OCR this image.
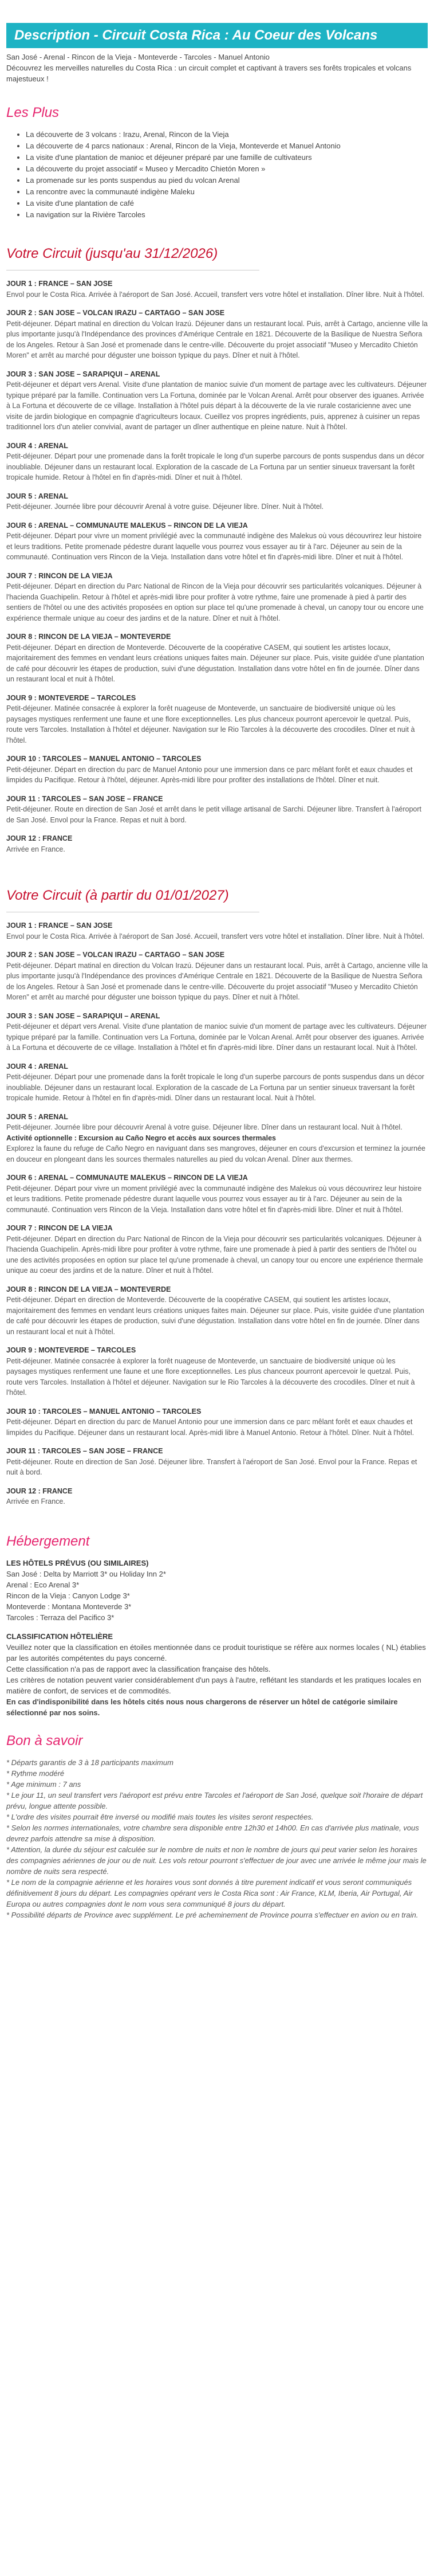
Description - Circuit Costa Rica : Au Coeur des Volcans
San José - Arenal - Rincon de la Vieja - Monteverde - Tarcoles - Manuel Antonio
Découvrez les merveilles naturelles du Costa Rica : un circuit complet et captivant à travers ses forêts tropicales et volcans majestueux !
Les Plus
• La découverte de 3 volcans : Irazu, Arenal, Rincon de la Vieja
• La découverte de 4 parcs nationaux : Arenal, Rincon de la Vieja, Monteverde et Manuel Antonio
• La visite d'une plantation de manioc et déjeuner préparé par une famille de cultivateurs
• La découverte du projet associatif « Museo y Mercadito Chietón Moren »
• La promenade sur les ponts suspendus au pied du volcan Arenal
• La rencontre avec la communauté indigène Maleku
• La visite d'une plantation de café
• La navigation sur la Rivière Tarcoles
Votre Circuit (jusqu'au 31/12/2026)
JOUR 1 : FRANCE – SAN JOSE
Envol pour le Costa Rica. Arrivée à l'aéroport de San José. Accueil, transfert vers votre hôtel et installation. Dîner libre. Nuit à l'hôtel.
JOUR 2 : SAN JOSE – VOLCAN IRAZU – CARTAGO – SAN JOSE
Petit-déjeuner. Départ matinal en direction du Volcan Irazú. Déjeuner dans un restaurant local. Puis, arrêt à Cartago, ancienne ville la plus importante jusqu'à l'Indépendance des provinces d'Amérique Centrale en 1821. Découverte de la Basilique de Nuestra Señora de los Angeles. Retour à San José et promenade dans le centre-ville. Découverte du projet associatif "Museo y Mercadito Chietón Moren" et arrêt au marché pour déguster une boisson typique du pays. Dîner et nuit à l'hôtel.
JOUR 3 : SAN JOSE – SARAPIQUI – ARENAL
Petit-déjeuner et départ vers Arenal. Visite d'une plantation de manioc suivie d'un moment de partage avec les cultivateurs. Déjeuner typique préparé par la famille. Continuation vers La Fortuna, dominée par le Volcan Arenal. Arrêt pour observer des iguanes. Arrivée à La Fortuna et découverte de ce village. Installation à l'hôtel puis départ à la découverte de la vie rurale costaricienne avec une visite de jardin biologique en compagnie d'agriculteurs locaux. Cueillez vos propres ingrédients, puis, apprenez à cuisiner un repas traditionnel lors d'un atelier convivial, avant de partager un dîner authentique en pleine nature. Nuit à l'hôtel.
JOUR 4 : ARENAL
Petit-déjeuner. Départ pour une promenade dans la forêt tropicale le long d'un superbe parcours de ponts suspendus dans un décor inoubliable. Déjeuner dans un restaurant local. Exploration de la cascade de La Fortuna par un sentier sinueux traversant la forêt tropicale humide. Retour à l'hôtel en fin d'après-midi. Dîner et nuit à l'hôtel.
JOUR 5 : ARENAL
Petit-déjeuner. Journée libre pour découvrir Arenal à votre guise. Déjeuner libre. Dîner. Nuit à l'hôtel.
JOUR 6 : ARENAL – COMMUNAUTE MALEKUS – RINCON DE LA VIEJA
Petit-déjeuner. Départ pour vivre un moment privilégié avec la communauté indigène des Malekus où vous découvrirez leur histoire et leurs traditions. Petite promenade pédestre durant laquelle vous pourrez vous essayer au tir à l'arc. Déjeuner au sein de la communauté. Continuation vers Rincon de la Vieja. Installation dans votre hôtel et fin d'après-midi libre. Dîner et nuit à l'hôtel.
JOUR 7 : RINCON DE LA VIEJA
Petit-déjeuner. Départ en direction du Parc National de Rincon de la Vieja pour découvrir ses particularités volcaniques. Déjeuner à l'hacienda Guachipelin. Retour à l'hôtel et après-midi libre pour profiter à votre rythme, faire une promenade à pied à partir des sentiers de l'hôtel ou une des activités proposées en option sur place tel qu'une promenade à cheval, un canopy tour ou encore une expérience thermale unique au coeur des jardins et de la nature. Dîner et nuit à l'hôtel.
JOUR 8 : RINCON DE LA VIEJA – MONTEVERDE
Petit-déjeuner. Départ en direction de Monteverde. Découverte de la coopérative CASEM, qui soutient les artistes locaux, majoritairement des femmes en vendant leurs créations uniques faites main. Déjeuner sur place. Puis, visite guidée d'une plantation de café pour découvrir les étapes de production, suivi d'une dégustation. Installation dans votre hôtel en fin de journée. Dîner dans un restaurant local et nuit à l'hôtel.
JOUR 9 : MONTEVERDE – TARCOLES
Petit-déjeuner. Matinée consacrée à explorer la forêt nuageuse de Monteverde, un sanctuaire de biodiversité unique où les paysages mystiques renferment une faune et une flore exceptionnelles. Les plus chanceux pourront apercevoir le quetzal. Puis, route vers Tarcoles. Installation à l'hôtel et déjeuner. Navigation sur le Rio Tarcoles à la découverte des crocodiles. Dîner et nuit à l'hôtel.
JOUR 10 : TARCOLES – MANUEL ANTONIO – TARCOLES
Petit-déjeuner. Départ en direction du parc de Manuel Antonio pour une immersion dans ce parc mêlant forêt et eaux chaudes et limpides du Pacifique. Retour à l'hôtel, déjeuner. Après-midi libre pour profiter des installations de l'hôtel. Dîner et nuit.
JOUR 11 : TARCOLES – SAN JOSE – FRANCE
Petit-déjeuner. Route en direction de San José et arrêt dans le petit village artisanal de Sarchi. Déjeuner libre. Transfert à l'aéroport de San José. Envol pour la France. Repas et nuit à bord.
JOUR 12 : FRANCE
Arrivée en France.
Votre Circuit (à partir du 01/01/2027)
JOUR 1 : FRANCE – SAN JOSE
Envol pour le Costa Rica. Arrivée à l'aéroport de San José. Accueil, transfert vers votre hôtel et installation. Dîner libre. Nuit à l'hôtel.
JOUR 2 : SAN JOSE – VOLCAN IRAZU – CARTAGO – SAN JOSE
Petit-déjeuner. Départ matinal en direction du Volcan Irazú. Déjeuner dans un restaurant local. Puis, arrêt à Cartago, ancienne ville la plus importante jusqu'à l'Indépendance des provinces d'Amérique Centrale en 1821. Découverte de la Basilique de Nuestra Señora de los Angeles. Retour à San José et promenade dans le centre-ville. Découverte du projet associatif "Museo y Mercadito Chietón Moren" et arrêt au marché pour déguster une boisson typique du pays. Dîner et nuit à l'hôtel.
JOUR 3 : SAN JOSE – SARAPIQUI – ARENAL
Petit-déjeuner et départ vers Arenal. Visite d'une plantation de manioc suivie d'un moment de partage avec les cultivateurs. Déjeuner typique préparé par la famille. Continuation vers La Fortuna, dominée par le Volcan Arenal. Arrêt pour observer des iguanes. Arrivée à La Fortuna et découverte de ce village. Installation à l'hôtel et fin d'après-midi libre. Dîner dans un restaurant local. Nuit à l'hôtel.
JOUR 4 : ARENAL
Petit-déjeuner. Départ pour une promenade dans la forêt tropicale le long d'un superbe parcours de ponts suspendus dans un décor inoubliable. Déjeuner dans un restaurant local. Exploration de la cascade de La Fortuna par un sentier sinueux traversant la forêt tropicale humide. Retour à l'hôtel en fin d'après-midi. Dîner dans un restaurant local. Nuit à l'hôtel.
JOUR 5 : ARENAL
Petit-déjeuner. Journée libre pour découvrir Arenal à votre guise. Déjeuner libre. Dîner dans un restaurant local. Nuit à l'hôtel.
Activité optionnelle : Excursion au Caño Negro et accès aux sources thermales
Explorez la faune du refuge de Caño Negro en naviguant dans ses mangroves, déjeuner en cours d'excursion et terminez la journée en douceur en plongeant dans les sources thermales naturelles au pied du volcan Arenal. Dîner aux thermes.
JOUR 6 : ARENAL – COMMUNAUTE MALEKUS – RINCON DE LA VIEJA
Petit-déjeuner. Départ pour vivre un moment privilégié avec la communauté indigène des Malekus où vous découvrirez leur histoire et leurs traditions. Petite promenade pédestre durant laquelle vous pourrez vous essayer au tir à l'arc. Déjeuner au sein de la communauté. Continuation vers Rincon de la Vieja. Installation dans votre hôtel et fin d'après-midi libre. Dîner et nuit à l'hôtel.
JOUR 7 : RINCON DE LA VIEJA
Petit-déjeuner. Départ en direction du Parc National de Rincon de la Vieja pour découvrir ses particularités volcaniques. Déjeuner à l'hacienda Guachipelin. Après-midi libre pour profiter à votre rythme, faire une promenade à pied à partir des sentiers de l'hôtel ou une des activités proposées en option sur place tel qu'une promenade à cheval, un canopy tour ou encore une expérience thermale unique au coeur des jardins et de la nature. Dîner et nuit à l'hôtel.
JOUR 8 : RINCON DE LA VIEJA – MONTEVERDE
Petit-déjeuner. Départ en direction de Monteverde. Découverte de la coopérative CASEM, qui soutient les artistes locaux, majoritairement des femmes en vendant leurs créations uniques faites main. Déjeuner sur place. Puis, visite guidée d'une plantation de café pour découvrir les étapes de production, suivi d'une dégustation. Installation dans votre hôtel en fin de journée. Dîner dans un restaurant local et nuit à l'hôtel.
JOUR 9 : MONTEVERDE – TARCOLES
Petit-déjeuner. Matinée consacrée à explorer la forêt nuageuse de Monteverde, un sanctuaire de biodiversité unique où les paysages mystiques renferment une faune et une flore exceptionnelles. Les plus chanceux pourront apercevoir le quetzal. Puis, route vers Tarcoles. Installation à l'hôtel et déjeuner. Navigation sur le Rio Tarcoles à la découverte des crocodiles. Dîner et nuit à l'hôtel.
JOUR 10 : TARCOLES – MANUEL ANTONIO – TARCOLES
Petit-déjeuner. Départ en direction du parc de Manuel Antonio pour une immersion dans ce parc mêlant forêt et eaux chaudes et limpides du Pacifique. Déjeuner dans un restaurant local. Après-midi libre à Manuel Antonio. Retour à l'hôtel. Dîner. Nuit à l'hôtel.
JOUR 11 : TARCOLES – SAN JOSE – FRANCE
Petit-déjeuner. Route en direction de San José. Déjeuner libre. Transfert à l'aéroport de San José. Envol pour la France. Repas et nuit à bord.
JOUR 12 : FRANCE
Arrivée en France.
Hébergement
LES HÔTELS PRÉVUS (OU SIMILAIRES)
San José : Delta by Marriott 3* ou Holiday Inn 2*
Arenal : Eco Arenal 3*
Rincon de la Vieja : Canyon Lodge 3*
Monteverde : Montana Monteverde 3*
Tarcoles : Terraza del Pacifico 3*
CLASSIFICATION HÔTELIÈRE
Veuillez noter que la classification en étoiles mentionnée dans ce produit touristique se réfère aux normes locales ( NL) établies par les autorités compétentes du pays concerné.
Cette classification n'a pas de rapport avec la classification française des hôtels.
Les critères de notation peuvent varier considérablement d'un pays à l'autre, reflétant les standards et les pratiques locales en matière de confort, de services et de commodités.
En cas d'indisponibilité dans les hôtels cités nous nous chargerons de réserver un hôtel de catégorie similaire sélectionné par nos soins.
Bon à savoir

* Départs garantis de 3 à 18 participants maximum

* Rythme modéré

* Age minimum : 7 ans

* Le jour 11, un seul transfert vers l'aéroport est prévu entre Tarcoles et l'aéroport de San José, quelque soit l'horaire de départ prévu, longue attente possible.

* L'ordre des visites pourrait être inversé ou modifié mais toutes les visites seront respectées.

* Selon les normes internationales, votre chambre sera disponible entre 12h30 et 14h00. En cas d'arrivée plus matinale, vous devrez parfois attendre sa mise à disposition.

* Attention, la durée du séjour est calculée sur le nombre de nuits et non le nombre de jours qui peut varier selon les horaires des compagnies aériennes de jour ou de nuit. Les vols retour pourront s'effectuer de jour avec une arrivée le même jour mais le nombre de nuits sera respecté.

* Le nom de la compagnie aérienne et les horaires vous sont donnés à titre purement indicatif et vous seront communiqués définitivement 8 jours du départ. Les compagnies opérant vers le Costa Rica sont : Air France, KLM, Iberia, Air Portugal, Air Europa ou autres compagnies dont le nom vous sera communiqué 8 jours du départ.

* Possibilité départs de Province avec supplément. Le pré acheminement de Province pourra s'effectuer en avion ou en train.
